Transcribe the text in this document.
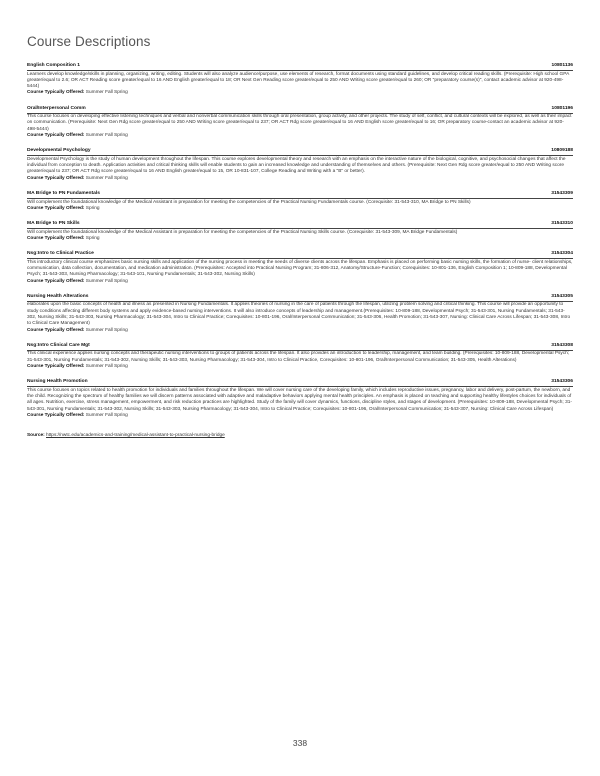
Course Descriptions
English Composition 1	10801136
Learners develop knowledge/skills in planning, organizing, writing, editing. Students will also analyze audience/purpose, use elements of research, format documents using standard guidelines, and develop critical reading skills. (Prerequisite: High school GPA greater/equal to 2.6; OR ACT Reading score greater/equal to 16 AND English greater/equal to 18; OR Next Gen Reading score greater/equal to 250 AND Writing score greater/equal to 260; OR "preparatory course(s)", contact academic advisor at 920-498-5444)
Course Typically Offered: Summer Fall Spring
Oral/Interpersonal Comm	10801196
This course focuses on developing effective listening techniques and verbal and nonverbal communication skills through oral presentation, group activity, and other projects. The study of self, conflict, and cultural contexts will be explored, as well as their impact on communication. (Prerequisite: Next Gen Rdg score greater/equal to 250 AND Writing score greater/equal to 237; OR ACT Rdg score greater/equal to 16 AND English score greater/equal to 16; OR preparatory course-contact an academic advisor at 920-498-5444)
Course Typically Offered: Summer Fall Spring
Developmental Psychology	10809188
Developmental Psychology is the study of human development throughout the lifespan. This course explores developmental theory and research with an emphasis on the interactive nature of the biological, cognitive, and psychosocial changes that affect the individual from conception to death. Application activities and critical thinking skills will enable students to gain an increased knowledge and understanding of themselves and others. (Prerequisite: Next Gen Rdg score greater/equal to 250 AND Writing score greater/equal to 237; OR ACT Rdg score greater/equal to 16 AND English greater/equal to 15, OR 10-831-107, College Reading and Writing with a "B" or better).
Course Typically Offered: Summer Fall Spring
MA Bridge to PN Fundamentals	31543309
Will complement the foundational knowledge of the Medical Assistant in preparation for meeting the competencies of the Practical Nursing Fundamentals course. (Corequisite: 31-543-310, MA Bridge to PN Skills)
Course Typically Offered: Spring
MA Bridge to PN Skills	31543310
Will complement the foundational knowledge of the Medical Assistant in preparation for meeting the competencies of the Practical Nursing Skills course. (Corequisite: 31-543-309, MA Bridge Fundamentals)
Course Typically Offered: Spring
Nsg:Intro to Clinical Practice	31543304
This introductory clinical course emphasizes basic nursing skills and application of the nursing process in meeting the needs of diverse clients across the lifespan. Emphasis is placed on performing basic nursing skills, the formation of nurse- client relationships, communication, data collection, documentation, and medication administration. (Prerequisites: Accepted into Practical Nursing Program; 31-806-312, Anatomy/Structure-Function; Corequisites: 10-801-136, English Composition 1; 10-809-188, Developmental Psych; 31-543-303, Nursing Pharmacology; 31-543-101, Nursing Fundamentals; 31-543-302, Nursing Skills)
Course Typically Offered: Summer Fall Spring
Nursing Health Alterations	31543305
elaborates upon the basic concepts of health and illness as presented in Nursing Fundamentals. It applies theories of nursing in the care of patients through the lifespan, utilizing problem solving and critical thinking. This course will provide an opportunity to study conditions affecting different body systems and apply evidence-based nursing interventions. It will also introduce concepts of leadership and management.(Prerequisites: 10-809-188, Developmental Psych; 31-543-301, Nursing Fundamentals; 31-543-302, Nursing Skills; 31-543-303, Nursing Pharmacology; 31-543-304, Intro to Clinical Practice; Corequisites: 10-801-196, Oral/Interpersonal Communication; 31-543-306, Health Promotion; 31-543-307, Nursing: Clinical Care Across Lifespan; 31-543-308, Intro to Clinical Care Management)
Course Typically Offered: Summer Fall Spring
Nsg:Intro Clinical Care Mgt	31543308
This clinical experience applies nursing concepts and therapeutic nursing interventions to groups of patients across the lifespan. It also provides an introduction to leadership, management, and team building. (Prerequisites: 10-809-188, Developmental Psych; 31-543-301, Nursing Fundamentals; 31-543-302, Nursing Skills; 31-543-303, Nursing Pharmacology; 31-543-304, Intro to Clinical Practice, Corequisites: 10-801-196, Oral/Interpersonal Communication; 31-543-305, Health Alterations)
Course Typically Offered: Summer Fall Spring
Nursing Health Promotion	31543306
This course focuses on topics related to health promotion for individuals and families throughout the lifespan. We will cover nursing care of the developing family, which includes reproductive issues, pregnancy, labor and delivery, post-partum, the newborn, and the child. Recognizing the spectrum of healthy families we will discern patterns associated with adaptive and maladaptive behaviors applying mental health principles. An emphasis is placed on teaching and supporting healthy lifestyles choices for individuals of all ages. Nutrition, exercise, stress management, empowerment, and risk reduction practices are highlighted. Study of the family will cover dynamics, functions, discipline styles, and stages of development. (Prerequisites: 10-809-188, Developmental Psych; 31-543-301, Nursing Fundamentals; 31-543-302, Nursing Skills; 31-543-303, Nursing Pharmacology; 31-543-304, Intro to Clinical Practice; Corequisites: 10-801-196, Oral/Interpersonal Communication; 31-543-307, Nursing: Clinical Care Across Lifespan)
Course Typically Offered: Summer Fall Spring
Source: https://nwtc.edu/academics-and-training/medical-assistant-to-practical-nursing-bridge
338
